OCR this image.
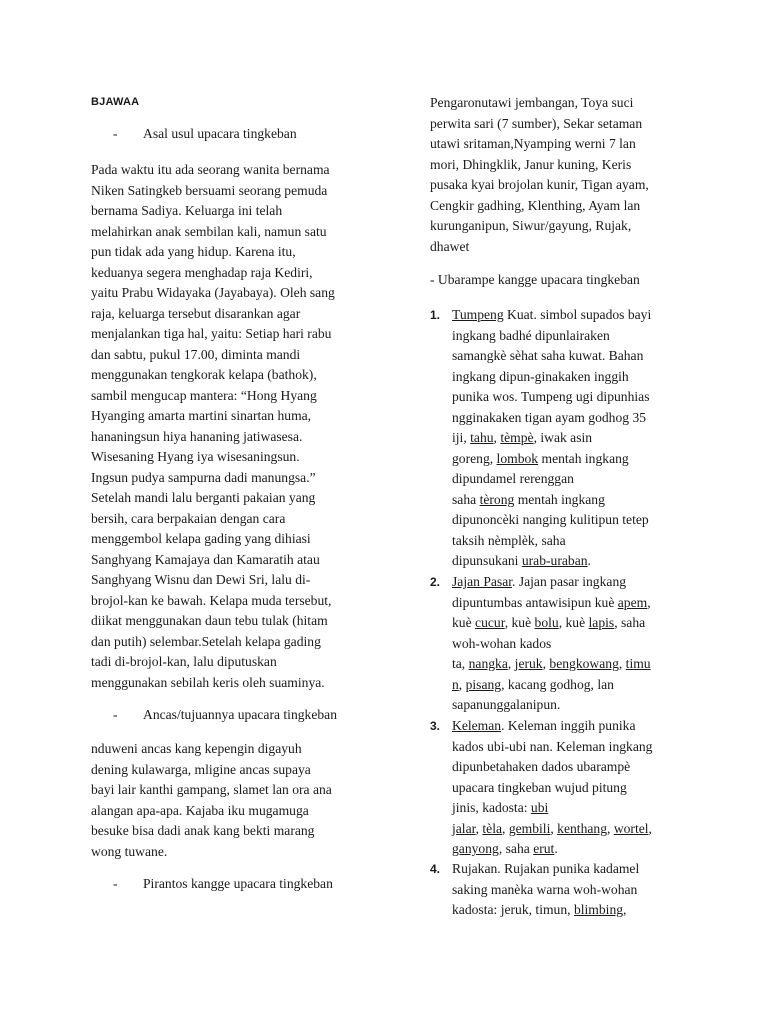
BJAWAA
- Asal usul upacara tingkeban
Pada waktu itu ada seorang wanita bernama
Niken Satingkeb bersuami seorang pemuda
bernama Sadiya. Keluarga ini telah
melahirkan anak sembilan kali, namun satu
pun tidak ada yang hidup. Karena itu,
keduanya segera menghadap raja Kediri,
yaitu Prabu Widayaka (Jayabaya). Oleh sang
raja, keluarga tersebut disarankan agar
menjalankan tiga hal, yaitu: Setiap hari rabu
dan sabtu, pukul 17.00, diminta mandi
menggunakan tengkorak kelapa (bathok),
sambil mengucap mantera: “Hong Hyang
Hyanging amarta martini sinartan huma,
hananingsun hiya hananing jatiwasesa.
Wisesaning Hyang iya wisesaningsun.
Ingsun pudya sampurna dadi manungsa.”
Setelah mandi lalu berganti pakaian yang
bersih, cara berpakaian dengan cara
menggembol kelapa gading yang dihiasi
Sanghyang Kamajaya dan Kamaratih atau
Sanghyang Wisnu dan Dewi Sri, lalu di-
brojol-kan ke bawah. Kelapa muda tersebut,
diikat menggunakan daun tebu tulak (hitam
dan putih) selembar.Setelah kelapa gading
tadi di-brojol-kan, lalu diputuskan
menggunakan sebilah keris oleh suaminya.
- Ancas/tujuannya upacara tingkeban
nduweni ancas kang kepengin digayuh
dening kulawarga, mligine ancas supaya
bayi lair kanthi gampang, slamet lan ora ana
alangan apa-apa. Kajaba iku mugamuga
besuke bisa dadi anak kang bekti marang
wong tuwane.
- Pirantos kangge upacara tingkeban
Pengaronutawi jembangan, Toya suci
perwita sari (7 sumber), Sekar setaman
utawi sritaman,Nyamping werni 7 lan
mori, Dhingklik, Janur kuning, Keris
pusaka kyai brojolan kunir, Tigan ayam,
Cengkir gadhing, Klenthing, Ayam lan
kurunganipun, Siwur/gayung, Rujak,
dhawet
- Ubarampe kangge upacara tingkeban
1. Tumpeng Kuat. simbol supados bayi
ingkang badhé dipunlairaken
samangkè sèhat saha kuwat. Bahan
ingkang dipun-ginakaken inggih
punika wos. Tumpeng ugi dipunhias
ngginakaken tigan ayam godhog 35
iji, tahu, tèmpè, iwak asin
goreng, lombok mentah ingkang
dipundamel rerenggan
saha tèrong mentah ingkang
dipunoncèki nanging kulitipun tetep
taksih nèmplèk, saha
dipunsukani urab-uraban.
2. Jajan Pasar. Jajan pasar ingkang
dipuntumbas antawisipun kuè apem,
kuè cucur, kuè bolu, kuè lapis, saha
woh-wohan kados
ta, nangka, jeruk, bengkowang, timu
n, pisang, kacang godhog, lan
sapanunggalanipun.
3. Keleman. Keleman inggih punika
kados ubi-ubi nan. Keleman ingkang
dipunbetahaken dados ubarampè
upacara tingkeban wujud pitung
jinis, kadosta: ubi
jalar, tèla, gembili, kenthang, wortel,
ganyong, saha erut.
4. Rujakan. Rujakan punika kadamel
saking manèka warna woh-wohan
kadosta: jeruk, timun, blimbing,
